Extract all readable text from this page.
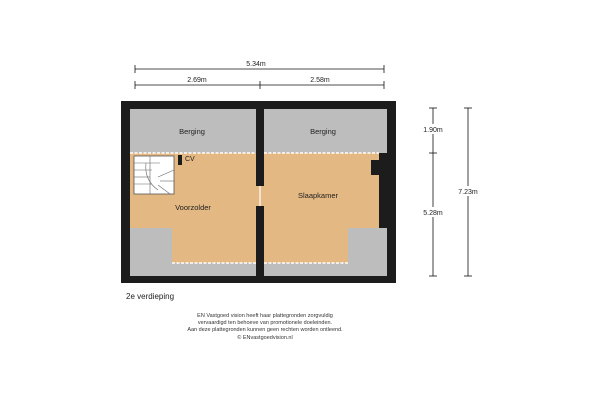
5.34m
2.69m	2.58m
1.90m
5.28m
7.23m
Berging	Berging
CV
Voorzolder
Slaapkamer
2e verdieping
EN Vastgoed vision heeft haar plattegronden zorgvuldig
vervaardigd ten behoeve van promotionele doeleinden.
Aan deze plattegronden kunnen geen rechten worden ontleend.
© ENvastgoedvision.nl
